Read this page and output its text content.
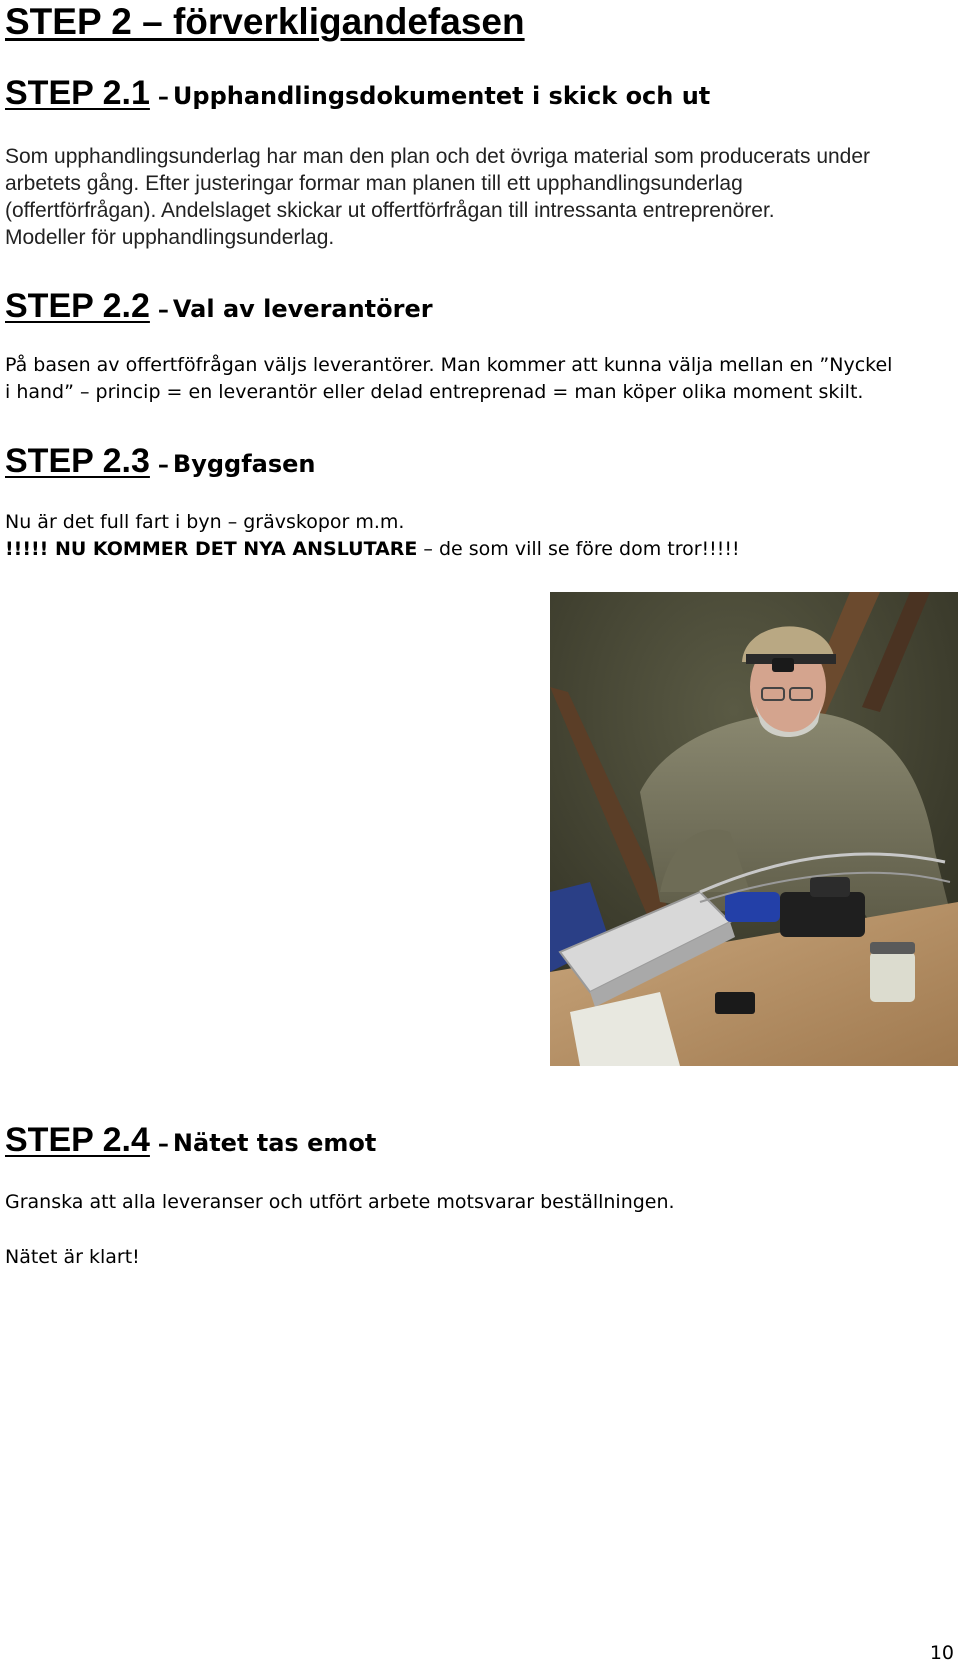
STEP 2 – förverkligandefasen
STEP 2.1 – Upphandlingsdokumentet i skick och ut
Som upphandlingsunderlag har man den plan och det övriga material som producerats under
arbetets gång. Efter justeringar formar man planen till ett upphandlingsunderlag
(offertförfrågan). Andelslaget skickar ut offertförfrågan till intressanta entreprenörer.
Modeller för upphandlingsunderlag.
STEP 2.2 – Val av leverantörer
På basen av offertföfrågan väljs leverantörer. Man kommer att kunna välja mellan en ”Nyckel
i hand” – princip = en leverantör eller delad entreprenad = man köper olika moment skilt.
STEP 2.3 – Byggfasen
Nu är det full fart i byn – grävskopor m.m.
!!!!! NU KOMMER DET NYA ANSLUTARE – de som vill se före dom tror!!!!!
STEP 2.4 – Nätet tas emot
Granska att alla leveranser och utfört arbete motsvarar beställningen.
Nätet är klart!
10
